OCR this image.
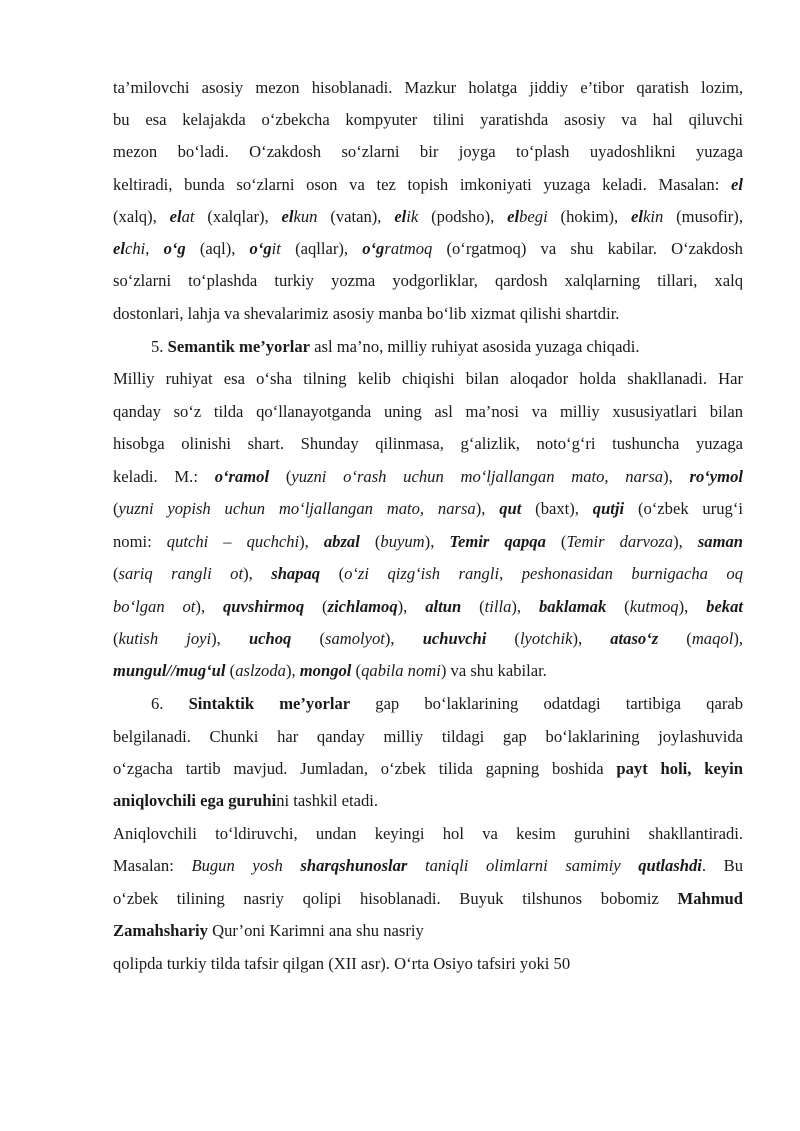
ta’milovchi asosiy mezon hisoblanadi. Mazkur holatga jiddiy e’tibor qaratish lozim,
bu esa kelajakda o‘zbekcha kompyuter tilini yaratishda asosiy va hal qiluvchi
mezon bo‘ladi. O‘zakdosh so‘zlarni bir joyga to‘plash uyadoshlikni yuzaga
keltiradi, bunda so‘zlarni oson va tez topish imkoniyati yuzaga keladi. Masalan: el
(xalq), elat (xalqlar), elkun (vatan), elik (podsho), elbegi (hokim), elkin (musofir),
elchi, o‘g (aql), o‘git (aqllar), o‘gratmoq (o‘rgatmoq) va shu kabilar. O‘zakdosh
so‘zlarni to‘plashda turkiy yozma yodgorliklar, qardosh xalqlarning tillari, xalq
dostonlari, lahja va shevalarimiz asosiy manba bo‘lib xizmat qilishi shartdir.
5. Semantik me’yorlar asl ma’no, milliy ruhiyat asosida yuzaga chiqadi.
Milliy ruhiyat esa o‘sha tilning kelib chiqishi bilan aloqador holda shakllanadi. Har
qanday so‘z tilda qo‘llanayotganda uning asl ma’nosi va milliy xususiyatlari bilan
hisobga olinishi shart. Shunday qilinmasa, g‘alizlik, noto‘g‘ri tushuncha yuzaga
keladi. M.: o‘ramol (yuzni o‘rash uchun mo‘ljallangan mato, narsa), ro‘ymol
(yuzni yopish uchun mo‘ljallangan mato, narsa), qut (baxt), qutji (o‘zbek urug‘i
nomi: qutchi – quchchi), abzal (buyum), Temir qapqa (Temir darvoza), saman
(sariq rangli ot), shapaq (o‘zi qizg‘ish rangli, peshonasidan burnigacha oq
bo‘lgan ot), quvshirmoq (zichlamoq), altun (tilla), baklamak (kutmoq), bekat
(kutish joyi), uchoq (samolyot), uchuvchi (lyotchik), ataso‘z (maqol),
mungul//mug‘ul (aslzoda), mongol (qabila nomi) va shu kabilar.
6. Sintaktik me’yorlar gap bo‘laklarining odatdagi tartibiga qarab
belgilanadi. Chunki har qanday milliy tildagi gap bo‘laklarining joylashuvida
o‘zgacha tartib mavjud. Jumladan, o‘zbek tilida gapning boshida payt holi, keyin
aniqlovchili ega guruhini tashkil etadi.
Aniqlovchili to‘ldiruvchi, undan keyingi hol va kesim guruhini shakllantiradi.
Masalan: Bugun yosh sharqshunoslar taniqli olimlarni samimiy qutlashdi. Bu
o‘zbek tilining nasriy qolipi hisoblanadi. Buyuk tilshunos bobomiz Mahmud
Zamahshariy Qur’oni Karimni ana shu nasriy
qolipda turkiy tilda tafsir qilgan (XII asr). O‘rta Osiyo tafsiri yoki 50
